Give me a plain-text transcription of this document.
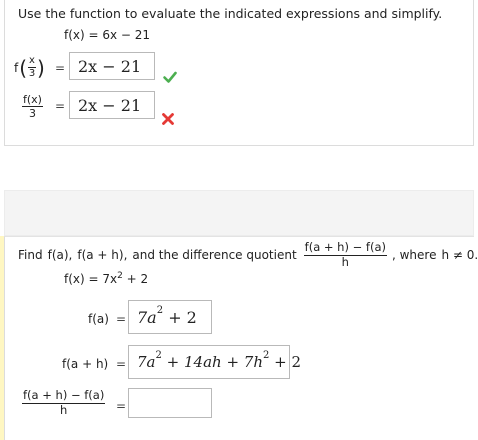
Use the function to evaluate the indicated expressions and simplify.
f(x) = 6x − 21
f ( $\frac{x}{3}$ ) = 2x − 21
$\frac{f(x)}{3} = 2x - 21$
Find f(a), f(a + h), and the difference quotient $\frac{f(a + h) - f(a)}{h}$ , where h ≠ 0.
$f(x) = 7x^2 + 2$
f(a) = 7a 2
+ 2
f(a + h) = 7a 2
+ 14ah + 7h 2
+ 2
$\frac{f(a + h) - f(a)}{h}$ =
